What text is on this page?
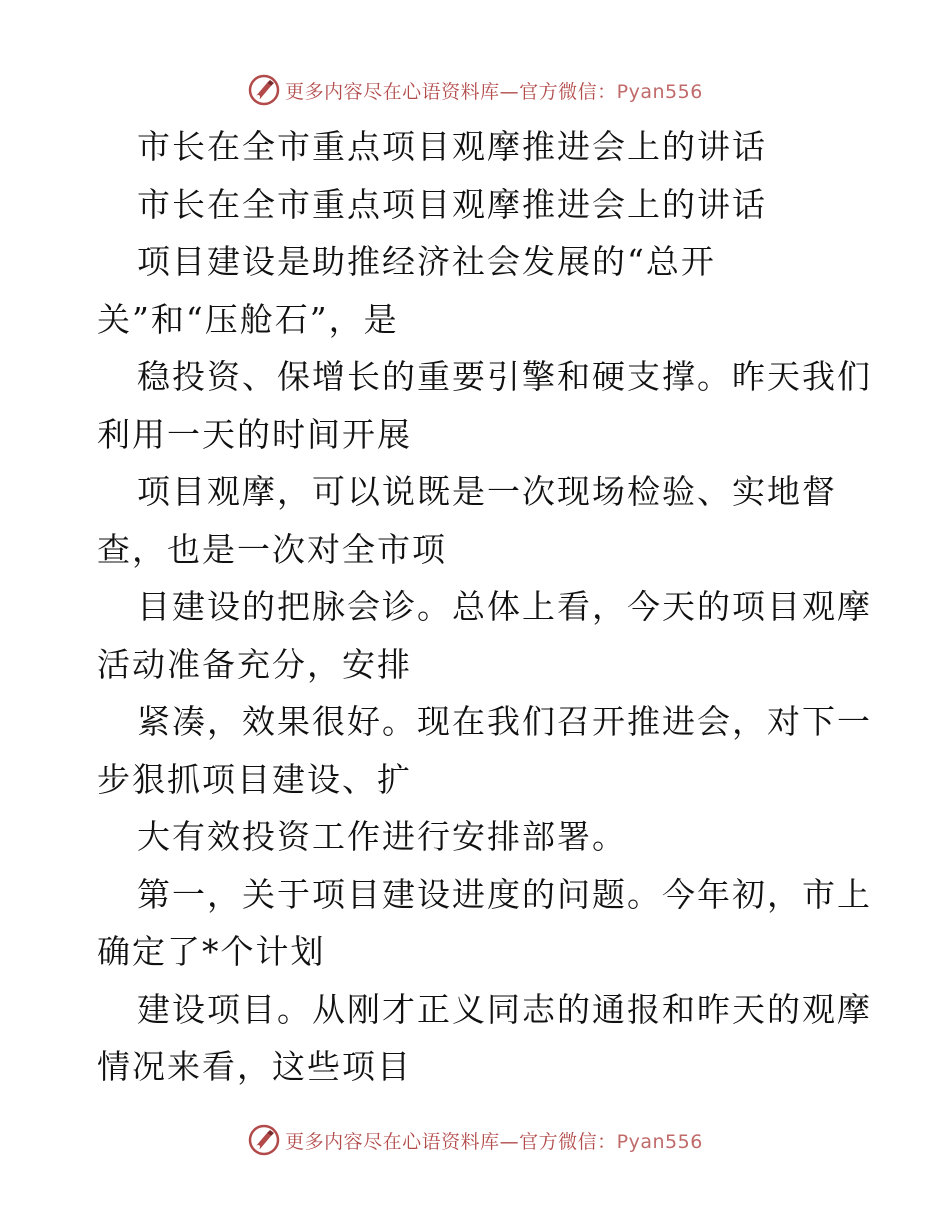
更多内容尽在心语资料库—官方微信：Pyan556
市长在全市重点项目观摩推进会上的讲话
市长在全市重点项目观摩推进会上的讲话
项目建设是助推经济社会发展的“总开
关”和“压舱石”，是
稳投资、保增长的重要引擎和硬支撑。昨天我们
利用一天的时间开展
项目观摩，可以说既是一次现场检验、实地督
查，也是一次对全市项
目建设的把脉会诊。总体上看，今天的项目观摩
活动准备充分，安排
紧凑，效果很好。现在我们召开推进会，对下一
步狠抓项目建设、扩
大有效投资工作进行安排部署。
第一，关于项目建设进度的问题。今年初，市上
确定了*个计划
建设项目。从刚才正义同志的通报和昨天的观摩
情况来看，这些项目
更多内容尽在心语资料库—官方微信：Pyan556
